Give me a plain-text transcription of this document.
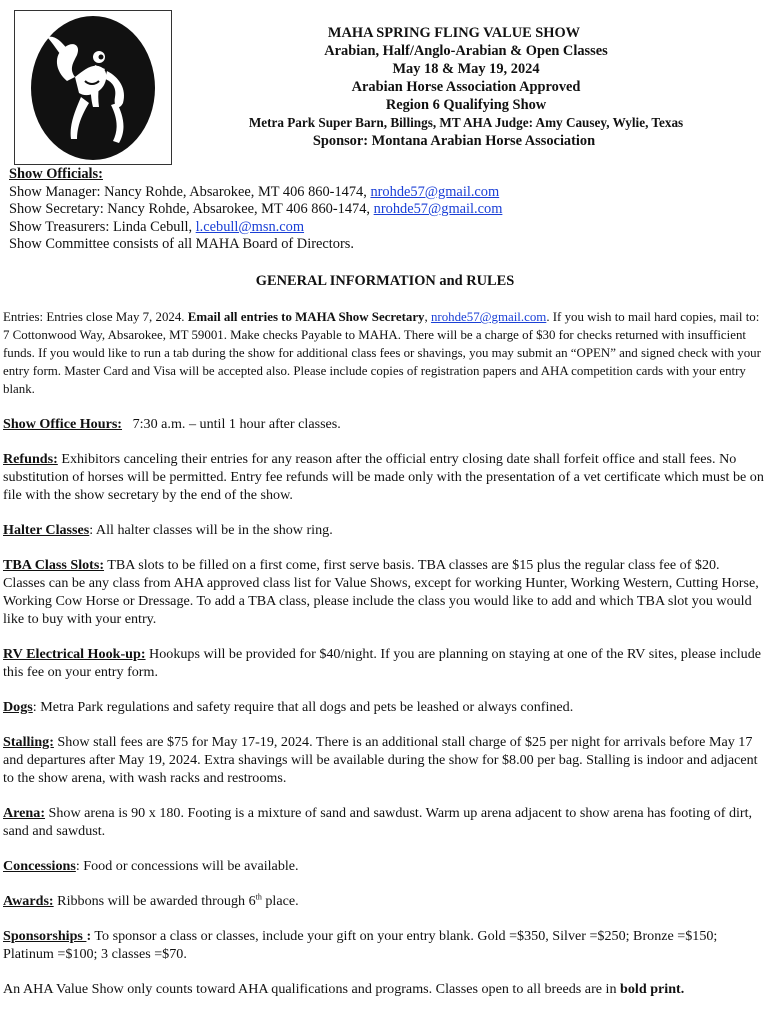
MAHA SPRING FLING VALUE SHOW
Arabian, Half/Anglo-Arabian & Open Classes
May 18 & May 19, 2024
Arabian Horse Association Approved
Region 6 Qualifying Show
Metra Park Super Barn, Billings, MT AHA Judge: Amy Causey, Wylie, Texas
Sponsor: Montana Arabian Horse Association
Show Officials:
Show Manager: Nancy Rohde, Absarokee, MT 406 860-1474, nrohde57@gmail.com
Show Secretary: Nancy Rohde, Absarokee, MT 406 860-1474, nrohde57@gmail.com
Show Treasurers: Linda Cebull, l.cebull@msn.com
Show Committee consists of all MAHA Board of Directors.
GENERAL INFORMATION and RULES

Entries: Entries close May 7, 2024. Email all entries to MAHA Show Secretary, nrohde57@gmail.com. If you wish to mail hard copies, mail to: 7 Cottonwood Way, Absarokee, MT 59001. Make checks Payable to MAHA. There will be a charge of $30 for checks returned with insufficient funds. If you would like to run a tab during the show for additional class fees or shavings, you may submit an “OPEN” and signed check with your entry form. Master Card and Visa will be accepted also. Please include copies of registration papers and AHA competition cards with your entry blank.

Show Office Hours:   7:30 a.m. – until 1 hour after classes.

Refunds: Exhibitors canceling their entries for any reason after the official entry closing date shall forfeit office and stall fees. No substitution of horses will be permitted. Entry fee refunds will be made only with the presentation of a vet certificate which must be on file with the show secretary by the end of the show.

Halter Classes: All halter classes will be in the show ring.

TBA Class Slots: TBA slots to be filled on a first come, first serve basis. TBA classes are $15 plus the regular class fee of $20. Classes can be any class from AHA approved class list for Value Shows, except for working Hunter, Working Western, Cutting Horse, Working Cow Horse or Dressage. To add a TBA class, please include the class you would like to add and which TBA slot you would like to buy with your entry.

RV Electrical Hook-up: Hookups will be provided for $40/night. If you are planning on staying at one of the RV sites, please include this fee on your entry form.

Dogs: Metra Park regulations and safety require that all dogs and pets be leashed or always confined.

Stalling: Show stall fees are $75 for May 17-19, 2024. There is an additional stall charge of $25 per night for arrivals before May 17 and departures after May 19, 2024. Extra shavings will be available during the show for $8.00 per bag. Stalling is indoor and adjacent to the show arena, with wash racks and restrooms.

Arena: Show arena is 90 x 180. Footing is a mixture of sand and sawdust. Warm up arena adjacent to show arena has footing of dirt, sand and sawdust.

Concessions: Food or concessions will be available.

Awards: Ribbons will be awarded through 6th place.

Sponsorships : To sponsor a class or classes, include your gift on your entry blank. Gold =$350, Silver =$250; Bronze =$150; Platinum =$100; 3 classes =$70.

An AHA Value Show only counts toward AHA qualifications and programs. Classes open to all breeds are in bold print.
